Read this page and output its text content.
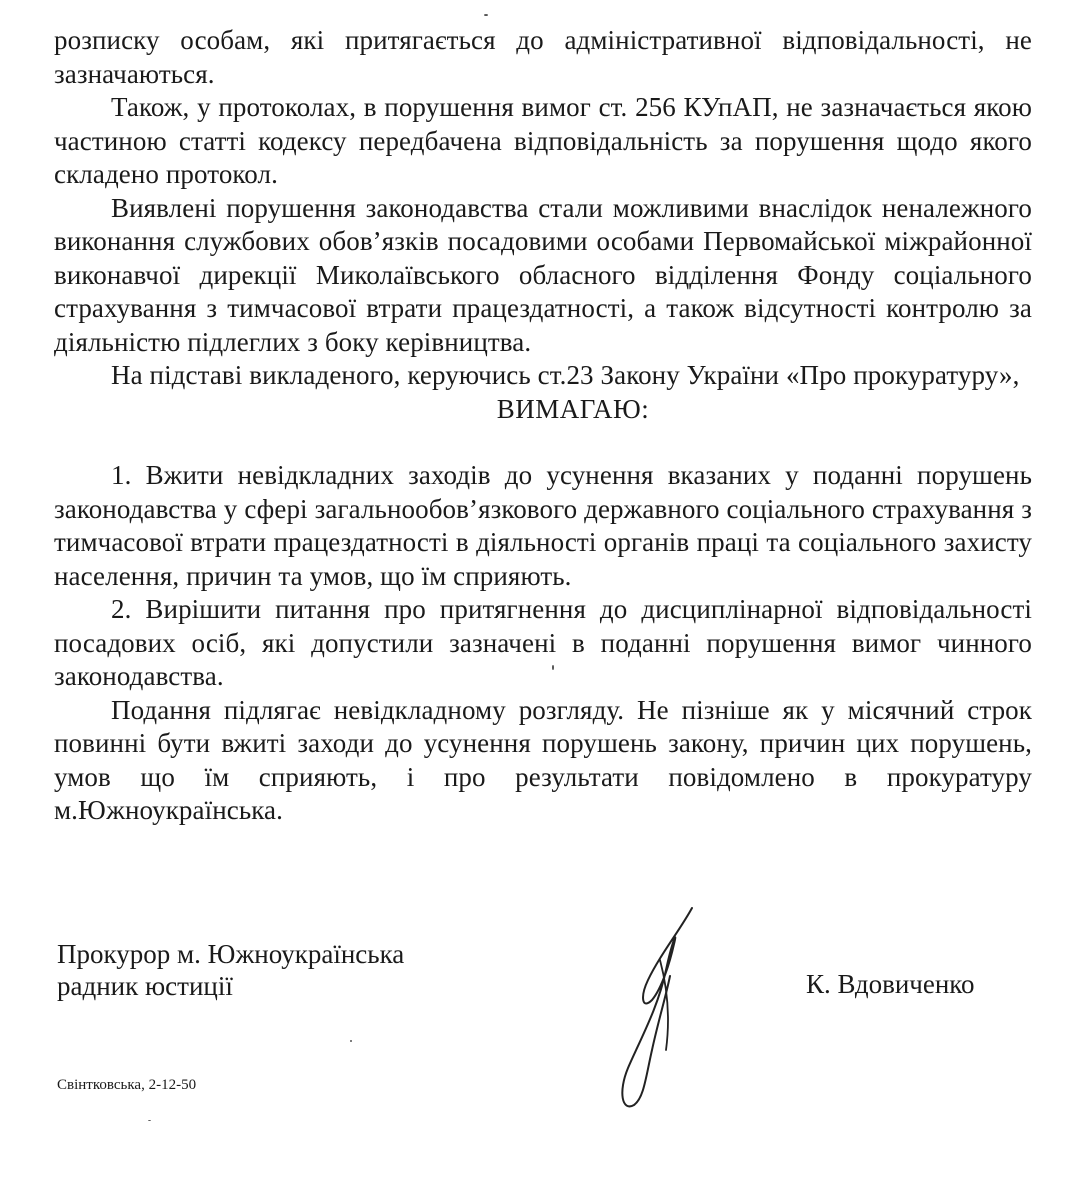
розписку особам, які притягається до адміністративної відповідальності, не зазначаються.

Також, у протоколах, в порушення вимог ст. 256 КУпАП, не зазначається якою частиною статті кодексу передбачена відповідальність за порушення щодо якого складено протокол.

Виявлені порушення законодавства стали можливими внаслідок неналежного виконання службових обов’язків посадовими особами Первомайської міжрайонної виконавчої дирекції Миколаївського обласного відділення Фонду соціального страхування з тимчасової втрати працездатності, а також відсутності контролю за діяльністю підлеглих з боку керівництва.

На підставі викладеного, керуючись ст.23 Закону України «Про прокуратуру»,

ВИМАГАЮ:

1. Вжити невідкладних заходів до усунення вказаних у поданні порушень законодавства у сфері загальнообов’язкового державного соціального страхування з тимчасової втрати працездатності в діяльності органів праці та соціального захисту населення, причин та умов, що їм сприяють.

2. Вирішити питання про притягнення до дисциплінарної відповідальності посадових осіб, які допустили зазначені в поданні порушення вимог чинного законодавства.

Подання підлягає невідкладному розгляду. Не пізніше як у місячний строк повинні бути вжиті заходи до усунення порушень закону, причин цих порушень, умов що їм сприяють, і про результати повідомлено в прокуратуру м.Южноукраїнська.

Прокурор м. Южноукраїнська
радник юстиції	К. Вдовиченко
Свінтковська, 2-12-50
